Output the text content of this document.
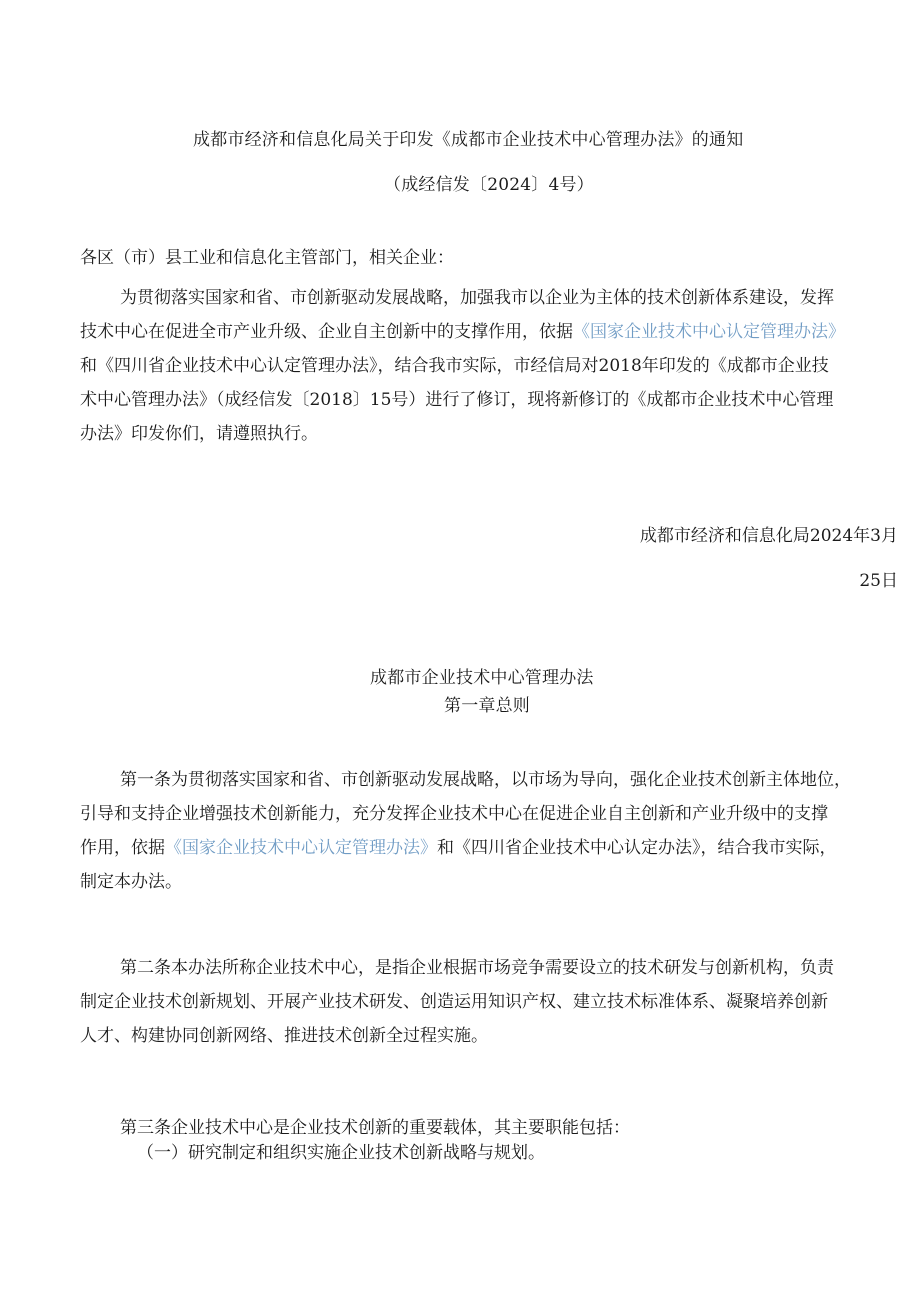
成都市经济和信息化局关于印发《成都市企业技术中心管理办法》的通知

（成经信发〔2024〕4号）

各区（市）县工业和信息化主管部门，相关企业：

为贯彻落实国家和省、市创新驱动发展战略，加强我市以企业为主体的技术创新体系建设，发挥
技术中心在促进全市产业升级、企业自主创新中的支撑作用，依据《国家企业技术中心认定管理办法》
和《四川省企业技术中心认定管理办法》，结合我市实际，市经信局对2018年印发的《成都市企业技
术中心管理办法》（成经信发〔2018〕15号）进行了修订，现将新修订的《成都市企业技术中心管理
办法》印发你们，请遵照执行。

成都市经济和信息化局2024年3月

25日

成都市企业技术中心管理办法

第一章总则

第一条为贯彻落实国家和省、市创新驱动发展战略，以市场为导向，强化企业技术创新主体地位，
引导和支持企业增强技术创新能力，充分发挥企业技术中心在促进企业自主创新和产业升级中的支撑
作用，依据《国家企业技术中心认定管理办法》和《四川省企业技术中心认定办法》，结合我市实际，
制定本办法。
第二条本办法所称企业技术中心，是指企业根据市场竞争需要设立的技术研发与创新机构，负责
制定企业技术创新规划、开展产业技术研发、创造运用知识产权、建立技术标准体系、凝聚培养创新
人才、构建协同创新网络、推进技术创新全过程实施。

第三条企业技术中心是企业技术创新的重要载体，其主要职能包括：

（一）研究制定和组织实施企业技术创新战略与规划。
